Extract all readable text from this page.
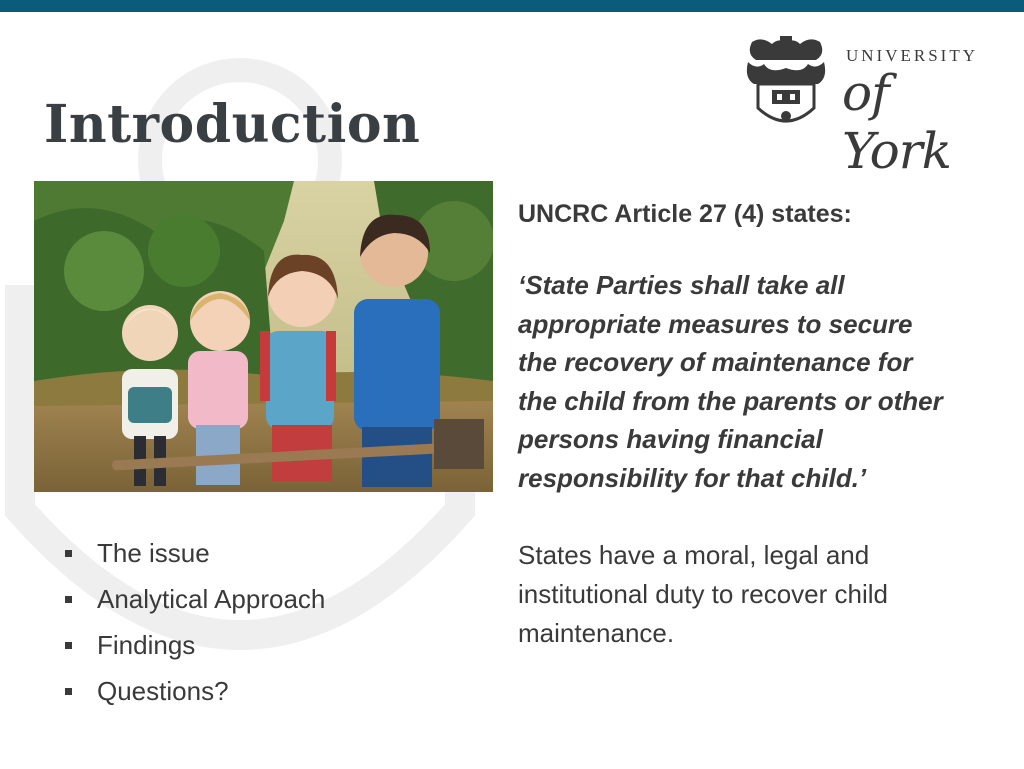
Introduction
UNIVERSITY
of York
UNCRC Article 27 (4) states:

‘State Parties shall take all
appropriate measures to secure
the recovery of maintenance for
the child from the parents or other
persons having financial
responsibility for that child.’

States have a moral, legal and
institutional duty to recover child
maintenance.

The issue
Analytical Approach
Findings
Questions?
